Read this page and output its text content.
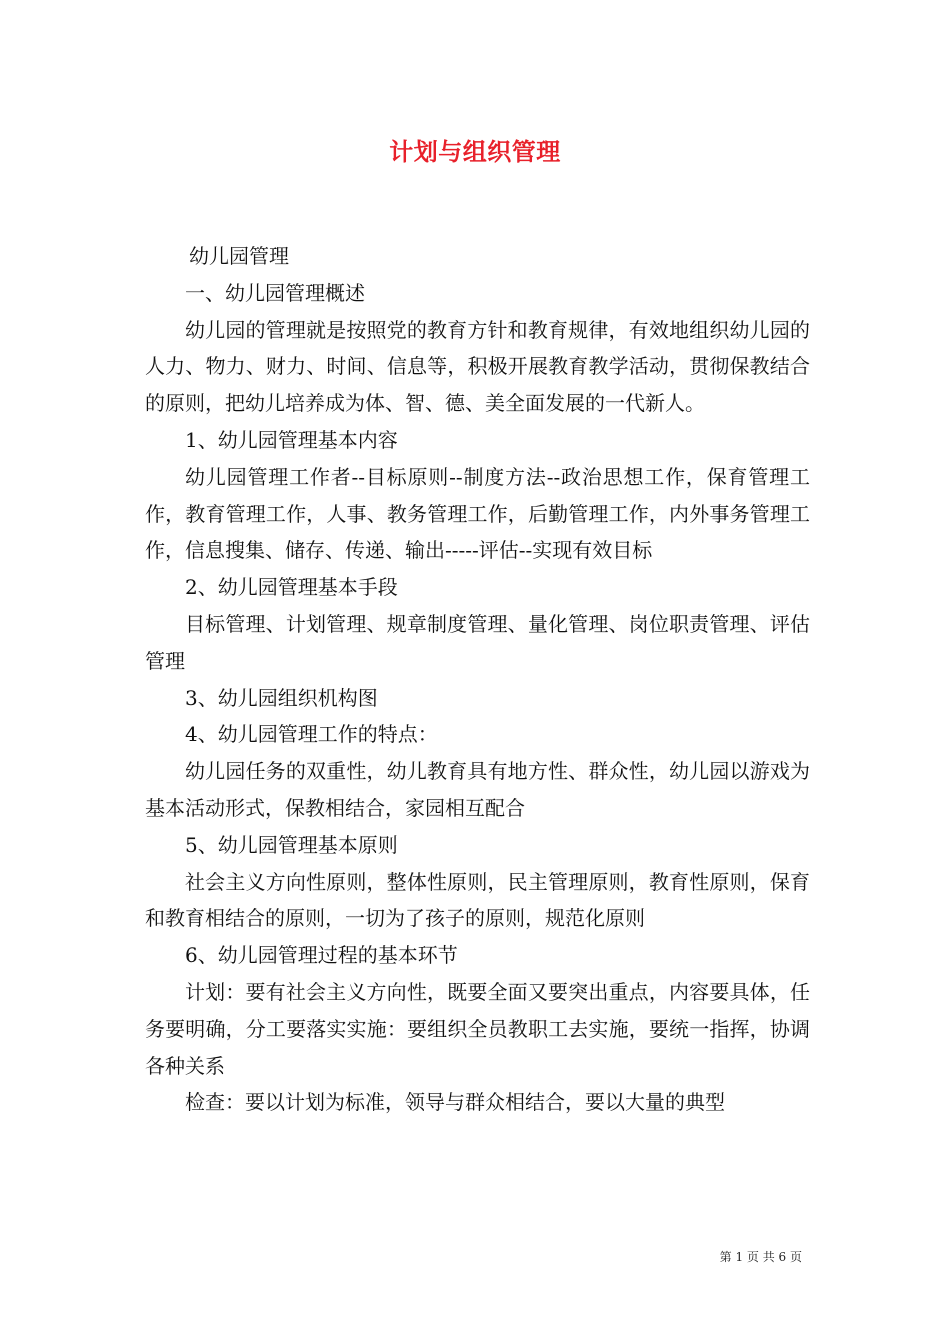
计划与组织管理

幼儿园管理

一、幼儿园管理概述

幼儿园的管理就是按照党的教育方针和教育规律，有效地组织幼儿园的人力、物力、财力、时间、信息等，积极开展教育教学活动，贯彻保教结合的原则，把幼儿培养成为体、智、德、美全面发展的一代新人。

1、幼儿园管理基本内容

幼儿园管理工作者--目标原则--制度方法--政治思想工作，保育管理工作，教育管理工作，人事、教务管理工作，后勤管理工作，内外事务管理工作，信息搜集、储存、传递、输出-----评估--实现有效目标

2、幼儿园管理基本手段

目标管理、计划管理、规章制度管理、量化管理、岗位职责管理、评估管理

3、幼儿园组织机构图

4、幼儿园管理工作的特点：

幼儿园任务的双重性，幼儿教育具有地方性、群众性，幼儿园以游戏为基本活动形式，保教相结合，家园相互配合

5、幼儿园管理基本原则

社会主义方向性原则，整体性原则，民主管理原则，教育性原则，保育和教育相结合的原则，一切为了孩子的原则，规范化原则

6、幼儿园管理过程的基本环节

计划：要有社会主义方向性，既要全面又要突出重点，内容要具体，任务要明确，分工要落实实施：要组织全员教职工去实施，要统一指挥，协调各种关系

检查：要以计划为标准，领导与群众相结合，要以大量的典型

第 1 页 共 6 页
